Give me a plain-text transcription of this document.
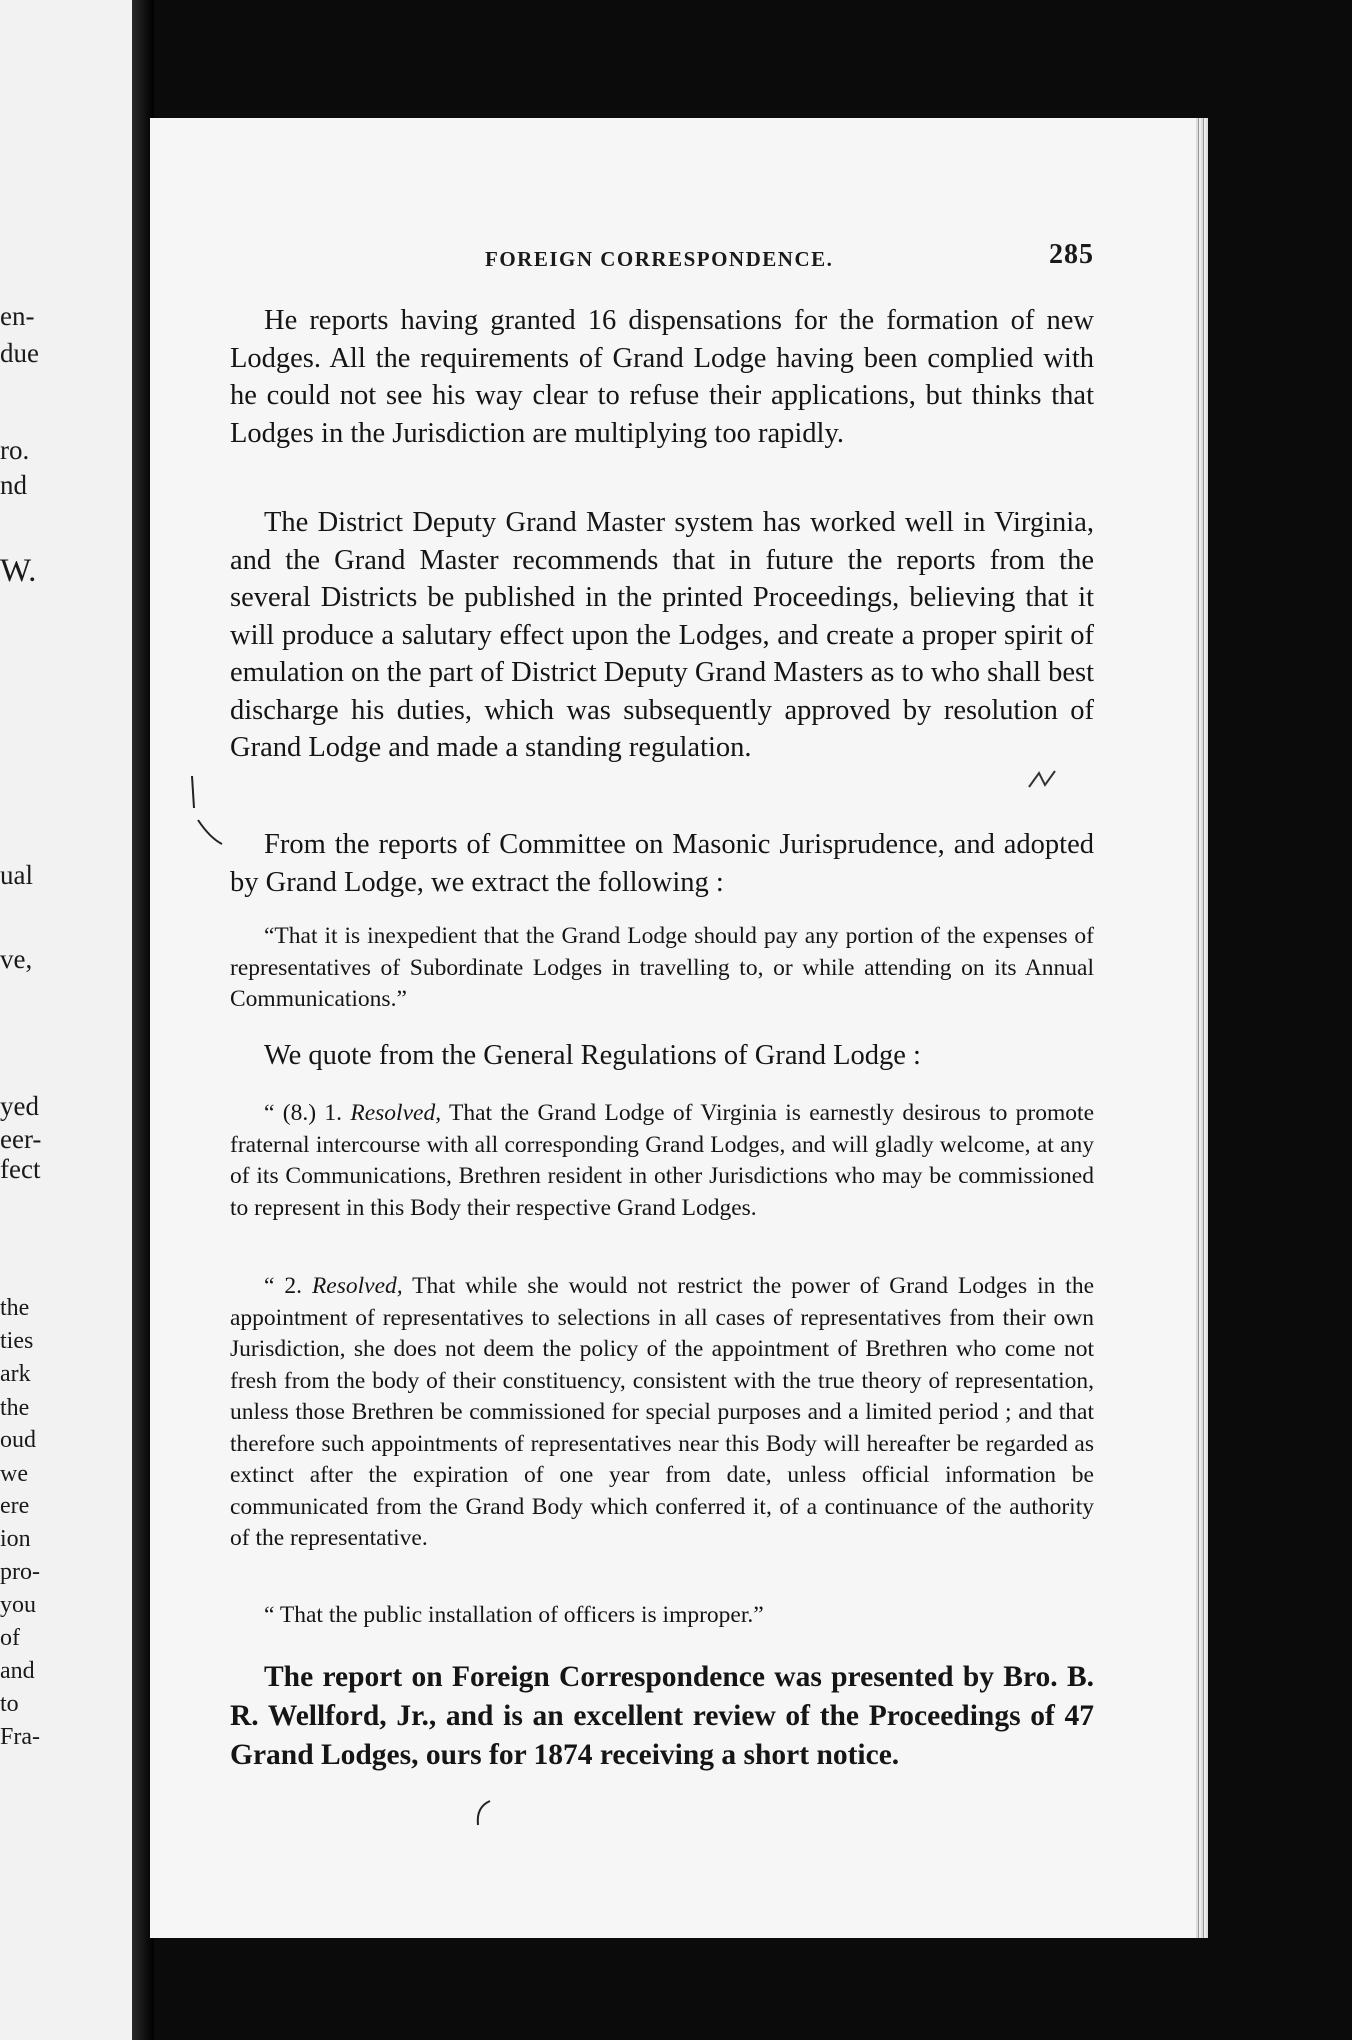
en-
due
ro.
nd
W.
ual
ve,
yed
eer-
fect
the
ties
ark
the
oud
we
ere
ion
pro-
you
of
and
to
Fra-
FOREIGN CORRESPONDENCE.	285

He reports having granted 16 dispensations for the formation of new Lodges. All the requirements of Grand Lodge having been complied with he could not see his way clear to refuse their applications, but thinks that Lodges in the Jurisdiction are multiplying too rapidly.

The District Deputy Grand Master system has worked well in Virginia, and the Grand Master recommends that in future the reports from the several Districts be published in the printed Proceedings, believing that it will produce a salutary effect upon the Lodges, and create a proper spirit of emulation on the part of District Deputy Grand Masters as to who shall best discharge his duties, which was subsequently approved by resolution of Grand Lodge and made a standing regulation.

From the reports of Committee on Masonic Jurisprudence, and adopted by Grand Lodge, we extract the following :

“That it is inexpedient that the Grand Lodge should pay any portion of the expenses of representatives of Subordinate Lodges in travelling to, or while attending on its Annual Communications.”

We quote from the General Regulations of Grand Lodge :

“ (8.) 1. Resolved, That the Grand Lodge of Virginia is earnestly desirous to promote fraternal intercourse with all corresponding Grand Lodges, and will gladly welcome, at any of its Communications, Brethren resident in other Jurisdictions who may be commissioned to represent in this Body their respective Grand Lodges.

“ 2. Resolved, That while she would not restrict the power of Grand Lodges in the appointment of representatives to selections in all cases of representatives from their own Jurisdiction, she does not deem the policy of the appointment of Brethren who come not fresh from the body of their constituency, consistent with the true theory of representation, unless those Brethren be commissioned for special purposes and a limited period ; and that therefore such appointments of representatives near this Body will hereafter be regarded as extinct after the expiration of one year from date, unless official information be communicated from the Grand Body which conferred it, of a continuance of the authority of the representative.

“ That the public installation of officers is improper.”

The report on Foreign Correspondence was presented by Bro. B. R. Wellford, Jr., and is an excellent review of the Proceedings of 47 Grand Lodges, ours for 1874 receiving a short notice.
